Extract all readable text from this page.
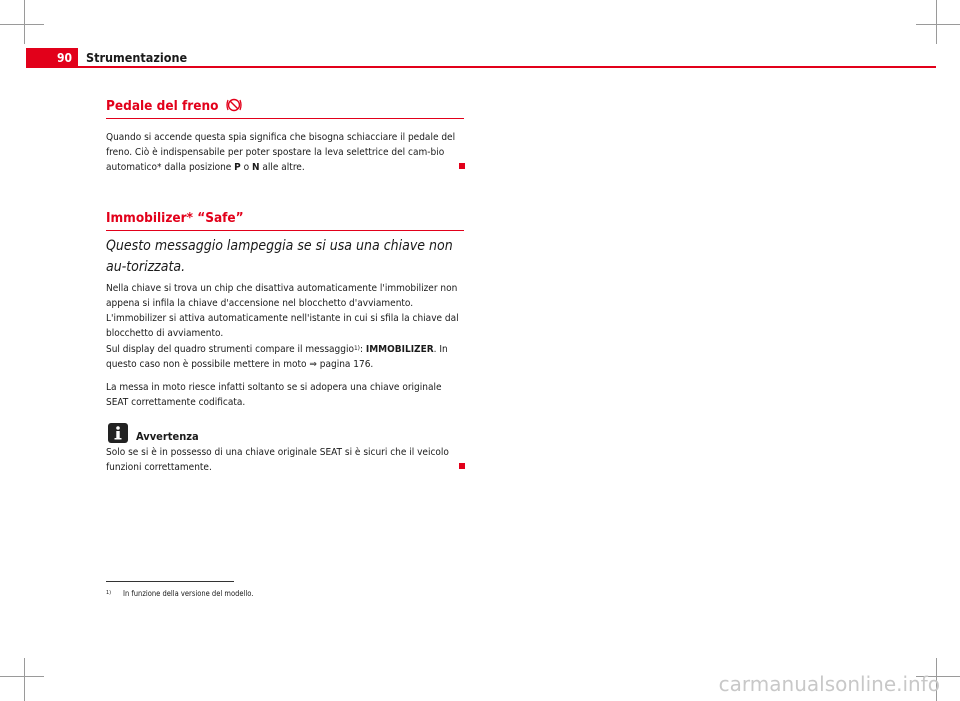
90	Strumentazione
Pedale del freno
Quando si accende questa spia significa che bisogna schiacciare il pedale del freno. Ciò è indispensabile per poter spostare la leva selettrice del cam-bio automatico* dalla posizione P o N alle altre.
Immobilizer* “Safe”
Questo messaggio lampeggia se si usa una chiave non au-torizzata.
Nella chiave si trova un chip che disattiva automaticamente l'immobilizer non appena si infila la chiave d'accensione nel blocchetto d'avviamento. L'immobilizer si attiva automaticamente nell'istante in cui si sfila la chiave dal blocchetto di avviamento.
Sul display del quadro strumenti compare il messaggio$^{1)}$: IMMOBILIZER. In questo caso non è possibile mettere in moto ⇒ pagina 176.
La messa in moto riesce infatti soltanto se si adopera una chiave originale SEAT correttamente codificata.
Avvertenza
Solo se si è in possesso di una chiave originale SEAT si è sicuri che il veicolo funzioni correttamente.
$^{1)}$ In funzione della versione del modello.
carmanualsonline.info
